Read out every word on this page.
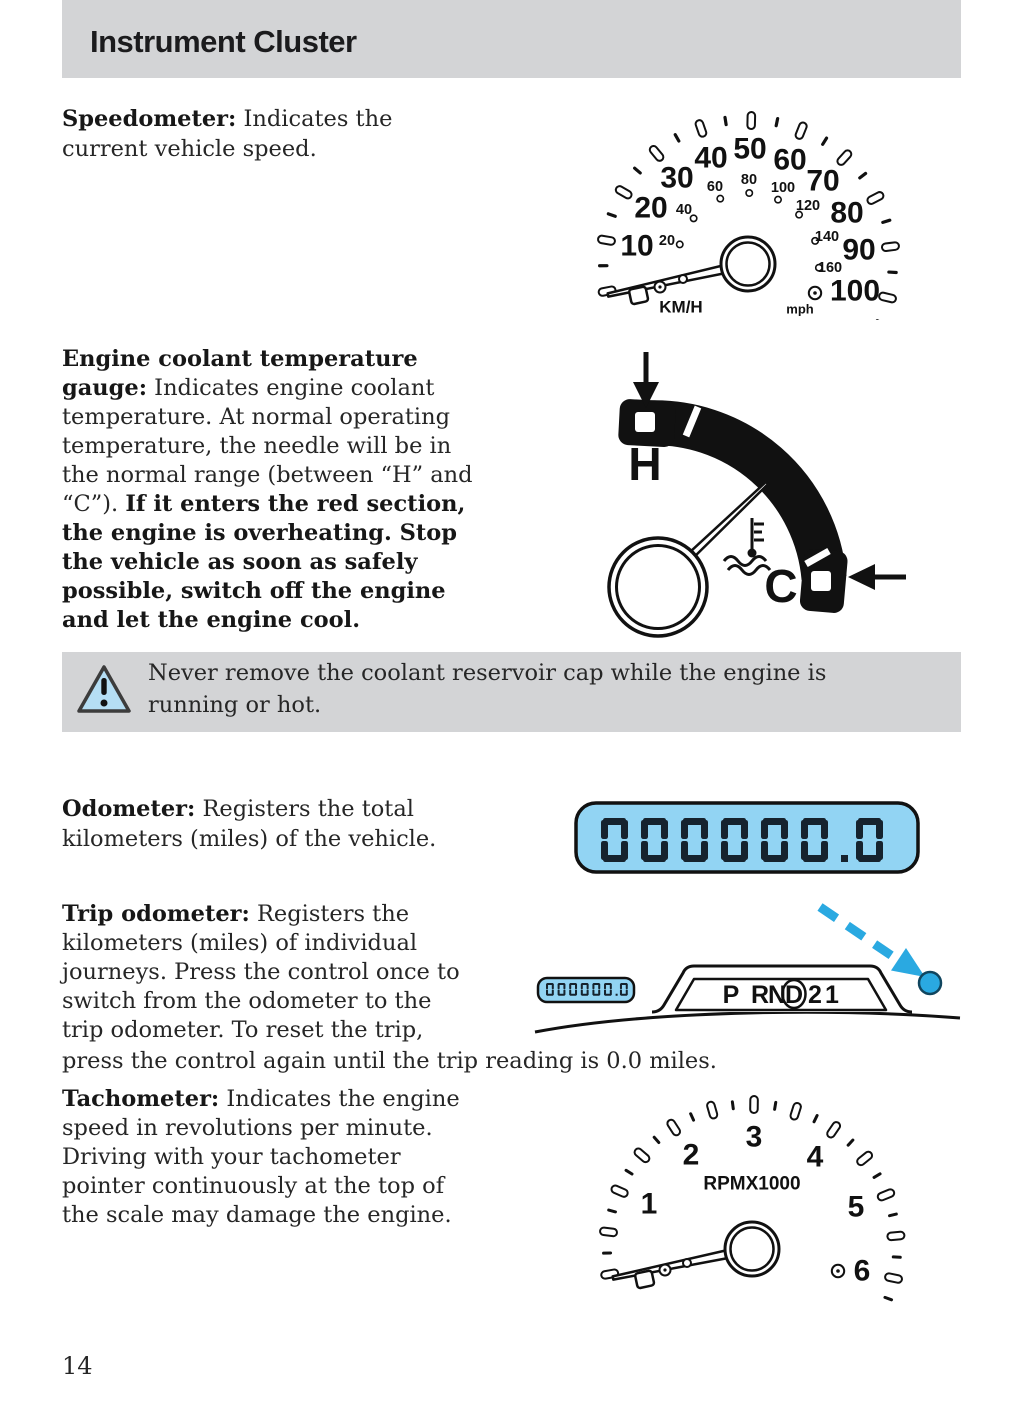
Instrument Cluster
Speedometer: Indicates the
current vehicle speed.
10
20
30
40 50 60
70
80
90
100
20
40
60 80 100
120
140
160
KM/H	mph
Engine coolant temperature
gauge: Indicates engine coolant
temperature. At normal operating
temperature, the needle will be in
the normal range (between “H” and
“C”). If it enters the red section,
the engine is overheating. Stop
the vehicle as soon as safely
possible, switch off the engine
and let the engine cool.
H
C
Never remove the coolant reservoir cap while the engine is
running or hot.
Odometer: Registers the total
kilometers (miles) of the vehicle.
Trip odometer: Registers the
kilometers (miles) of individual
journeys. Press the control once to
switch from the odometer to the
trip odometer. To reset the trip,
press the control again until the trip reading is 0.0 miles.
P R
N
D 2 1
Tachometer: Indicates the engine
speed in revolutions per minute.
Driving with your tachometer
pointer continuously at the top of
the scale may damage the engine.	1
2
3
4
5
6
RPMX1000
14
